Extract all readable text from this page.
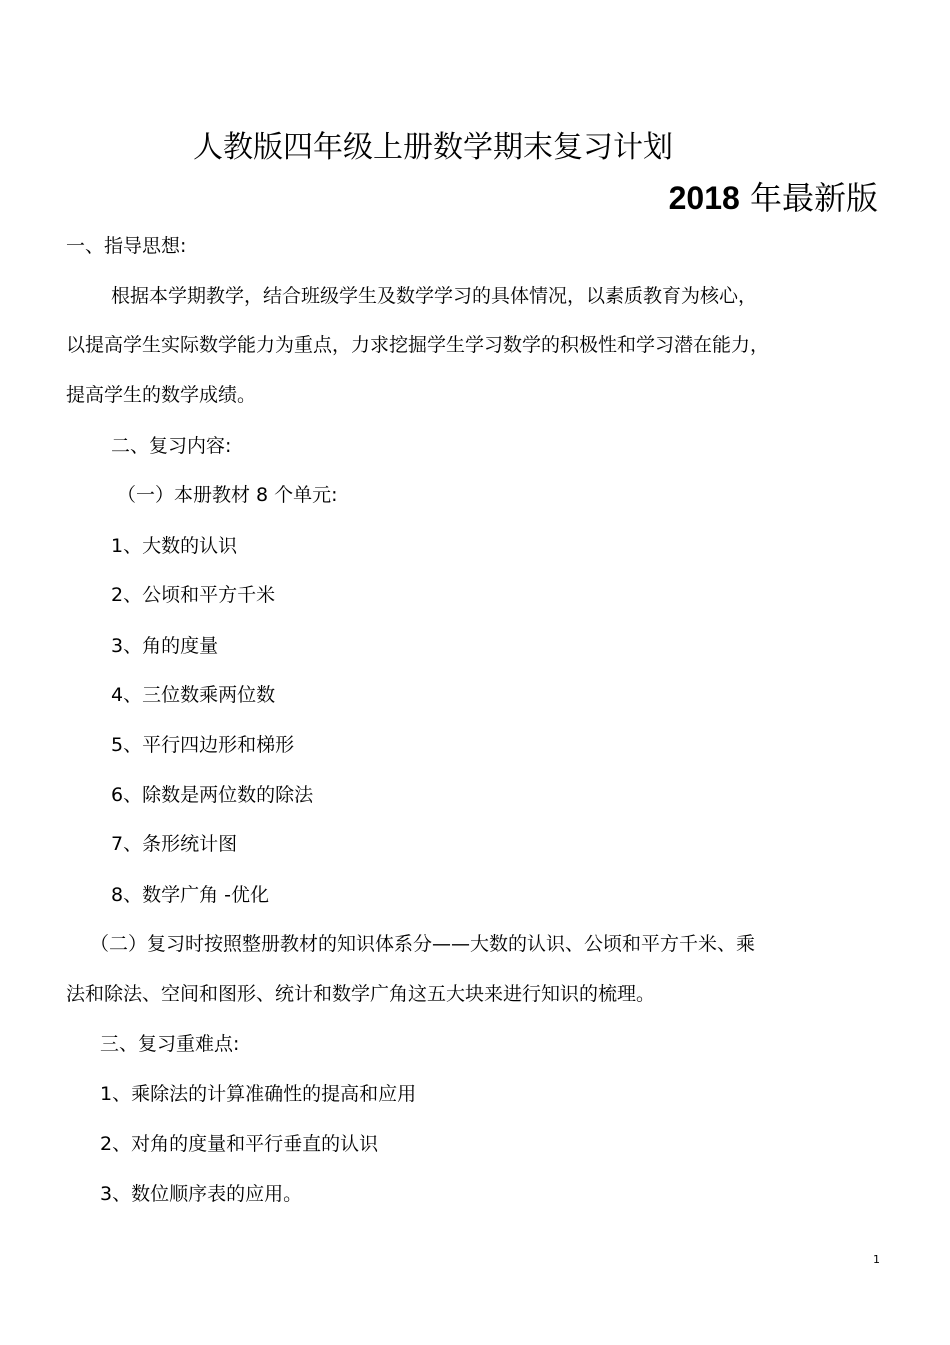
人教版四年级上册数学期末复习计划
2018 年最新版
一、指导思想:
根据本学期教学，结合班级学生及数学学习的具体情况，以素质教育为核心，
以提高学生实际数学能力为重点，力求挖掘学生学习数学的积极性和学习潜在能力，
提高学生的数学成绩。
二、复习内容:
（一）本册教材 8 个单元:
1、大数的认识
2、公顷和平方千米
3、角的度量
4、三位数乘两位数
5、平行四边形和梯形
6、除数是两位数的除法
7、条形统计图
8、数学广角 -优化
（二）复习时按照整册教材的知识体系分——大数的认识、公顷和平方千米、乘
法和除法、空间和图形、统计和数学广角这五大块来进行知识的梳理。
三、复习重难点:
1、乘除法的计算准确性的提高和应用
2、对角的度量和平行垂直的认识
3、数位顺序表的应用。
1
